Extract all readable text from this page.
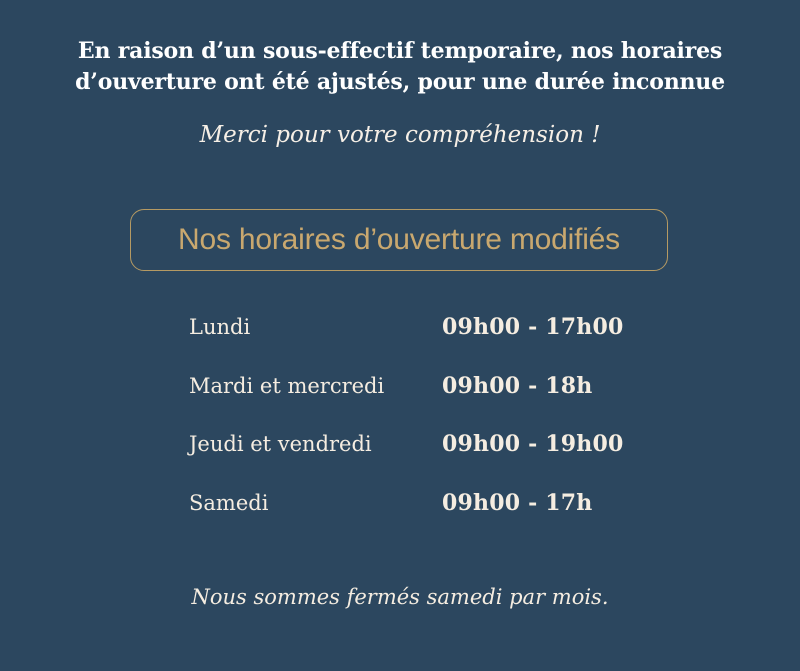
En raison d’un sous-effectif temporaire, nos horaires
d’ouverture ont été ajustés, pour une durée inconnue
Merci pour votre compréhension !
Nos horaires d’ouverture modifiés
Lundi	09h00 - 17h00
Mardi et mercredi	09h00 - 18h
Jeudi et vendredi	09h00 - 19h00
Samedi	09h00 - 17h
Nous sommes fermés samedi par mois.
